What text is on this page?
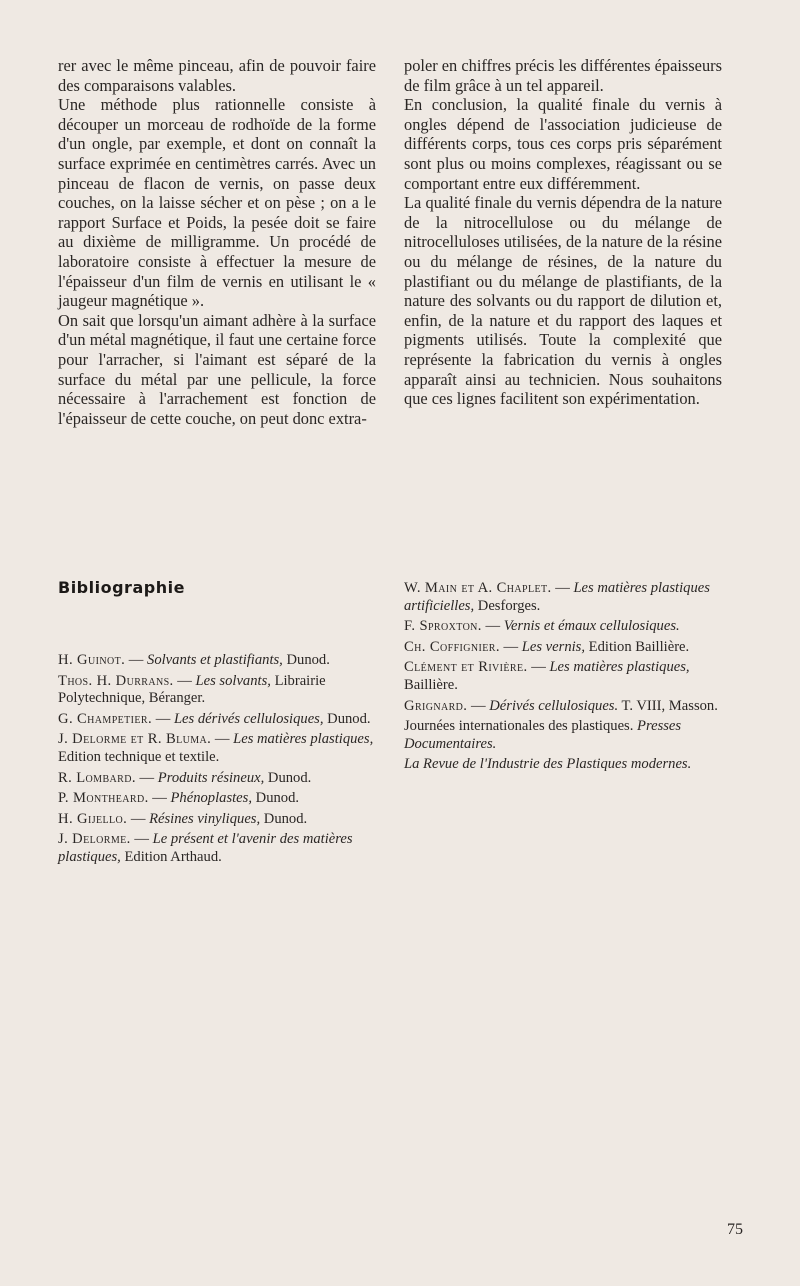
rer avec le même pinceau, afin de pouvoir faire des comparaisons valables.

Une méthode plus rationnelle consiste à découper un morceau de rodhoïde de la forme d'un ongle, par exemple, et dont on connaît la surface exprimée en centimètres carrés. Avec un pinceau de flacon de vernis, on passe deux couches, on la laisse sécher et on pèse ; on a le rapport Surface et Poids, la pesée doit se faire au dixième de milligramme. Un procédé de laboratoire consiste à effectuer la mesure de l'épaisseur d'un film de vernis en utilisant le « jaugeur magnétique ».

On sait que lorsqu'un aimant adhère à la surface d'un métal magnétique, il faut une certaine force pour l'arracher, si l'aimant est séparé de la surface du métal par une pellicule, la force nécessaire à l'arrachement est fonction de l'épaisseur de cette couche, on peut donc extra-

poler en chiffres précis les différentes épaisseurs de film grâce à un tel appareil.

En conclusion, la qualité finale du vernis à ongles dépend de l'association judicieuse de différents corps, tous ces corps pris séparément sont plus ou moins complexes, réagissant ou se comportant entre eux différemment.

La qualité finale du vernis dépendra de la nature de la nitrocellulose ou du mélange de nitrocelluloses utilisées, de la nature de la résine ou du mélange de résines, de la nature du plastifiant ou du mélange de plastifiants, de la nature des solvants ou du rapport de dilution et, enfin, de la nature et du rapport des laques et pigments utilisés. Toute la complexité que représente la fabrication du vernis à ongles apparaît ainsi au technicien. Nous souhaitons que ces lignes facilitent son expérimentation.

Bibliographie

H. Guinot. — Solvants et plastifiants, Dunod.

Thos. H. Durrans. — Les solvants, Librairie Polytechnique, Béranger.

G. Champetier. — Les dérivés cellulosiques, Dunod.

J. Delorme et R. Bluma. — Les matières plastiques, Edition technique et textile.

R. Lombard. — Produits résineux, Dunod.

P. Montheard. — Phénoplastes, Dunod.

H. Gijello. — Résines vinyliques, Dunod.

J. Delorme. — Le présent et l'avenir des matières plastiques, Edition Arthaud.

W. Main et A. Chaplet. — Les matières plastiques artificielles, Desforges.

F. Sproxton. — Vernis et émaux cellulosiques.

Ch. Coffignier. — Les vernis, Edition Baillière.

Clément et Rivière. — Les matières plastiques, Baillière.

Grignard. — Dérivés cellulosiques. T. VIII, Masson.

Journées internationales des plastiques. Presses Documentaires.

La Revue de l'Industrie des Plastiques modernes.

75
